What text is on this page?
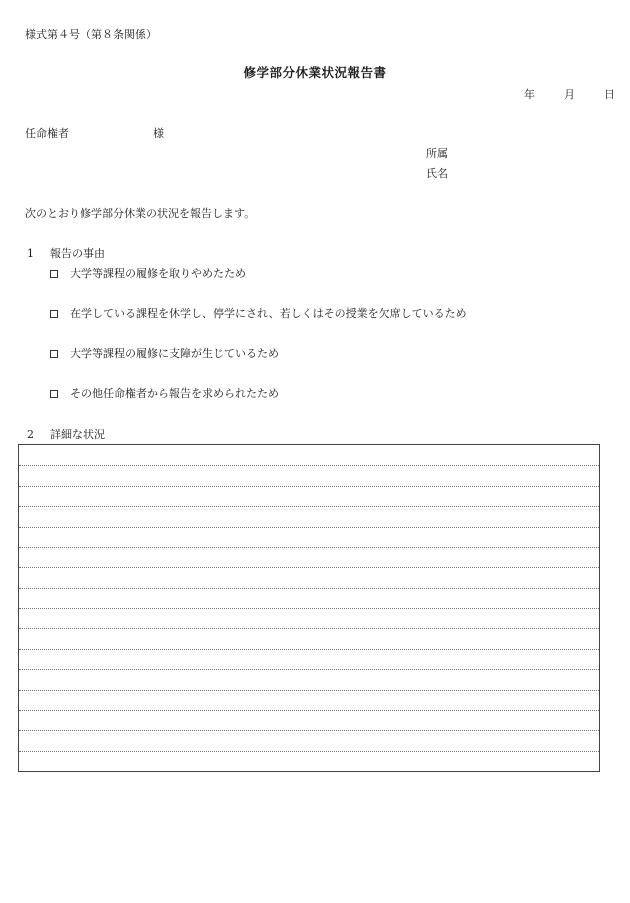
様式第４号（第８条関係）
修学部分休業状況報告書
年	月	日
任命権者	様
所属
氏名
次のとおり修学部分休業の状況を報告します。
1 報告の事由
大学等課程の履修を取りやめたため
在学している課程を休学し、停学にされ、若しくはその授業を欠席しているため
大学等課程の履修に支障が生じているため
その他任命権者から報告を求められたため
2 詳細な状況
